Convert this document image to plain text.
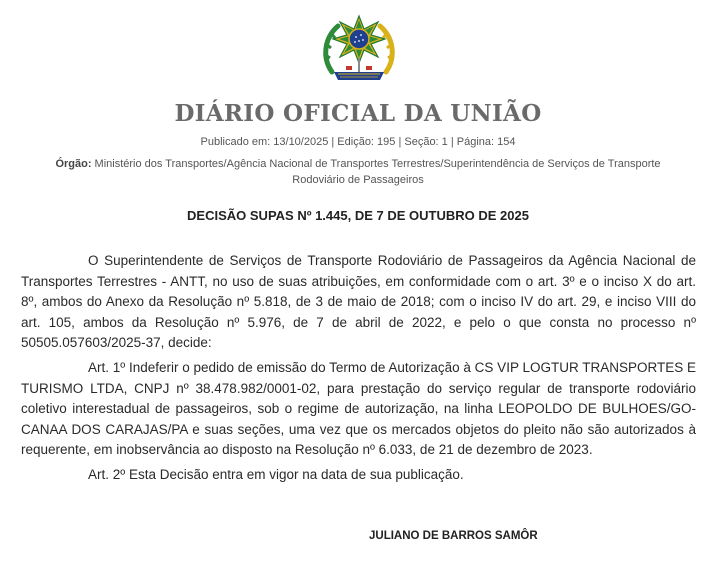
DIÁRIO OFICIAL DA UNIÃO
Publicado em: 13/10/2025 | Edição: 195 | Seção: 1 | Página: 154
Órgão: Ministério dos Transportes/Agência Nacional de Transportes Terrestres/Superintendência de Serviços de Transporte Rodoviário de Passageiros
DECISÃO SUPAS Nº 1.445, DE 7 DE OUTUBRO DE 2025

O Superintendente de Serviços de Transporte Rodoviário de Passageiros da Agência Nacional de Transportes Terrestres - ANTT, no uso de suas atribuições, em conformidade com o art. 3º e o inciso X do art. 8º, ambos do Anexo da Resolução nº 5.818, de 3 de maio de 2018; com o inciso IV do art. 29, e inciso VIII do art. 105, ambos da Resolução nº 5.976, de 7 de abril de 2022, e pelo o que consta no processo nº 50505.057603/2025-37, decide:

Art. 1º Indeferir o pedido de emissão do Termo de Autorização à CS VIP LOGTUR TRANSPORTES E TURISMO LTDA, CNPJ nº 38.478.982/0001-02, para prestação do serviço regular de transporte rodoviário coletivo interestadual de passageiros, sob o regime de autorização, na linha LEOPOLDO DE BULHOES/GO-CANAA DOS CARAJAS/PA e suas seções, uma vez que os mercados objetos do pleito não são autorizados à requerente, em inobservância ao disposto na Resolução nº 6.033, de 21 de dezembro de 2023.

Art. 2º Esta Decisão entra em vigor na data de sua publicação.

JULIANO DE BARROS SAMÔR
